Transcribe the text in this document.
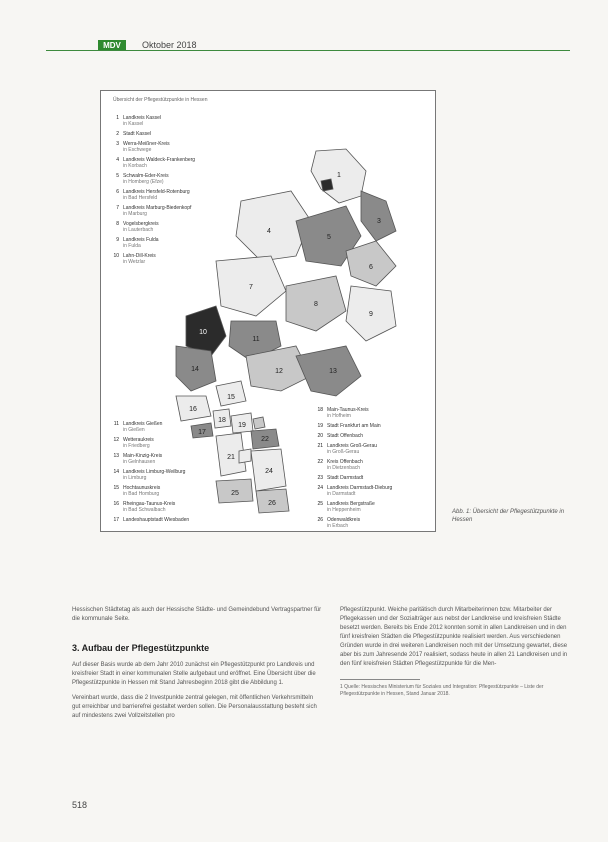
MDV	Oktober 2018
Übersicht der Pflegestützpunkte in Hessen
1 Landkreis Kassel
in Kassel
2 Stadt Kassel
3 Werra-Meißner-Kreis
in Eschwege
4 Landkreis Waldeck-Frankenberg
in Korbach
5 Schwalm-Eder-Kreis
in Homberg (Efze)
6 Landkreis Hersfeld-Rotenburg
in Bad Hersfeld
7 Landkreis Marburg-Biedenkopf
in Marburg
8 Vogelsbergkreis
in Lauterbach
9 Landkreis Fulda
in Fulda
10 Lahn-Dill-Kreis
in Wetzlar
11 Landkreis Gießen
in Gießen
12 Wetteraukreis
in Friedberg
13 Main-Kinzig-Kreis
in Gelnhausen
14 Landkreis Limburg-Weilburg
in Limburg
15 Hochtaunuskreis
in Bad Homburg
16 Rheingau-Taunus-Kreis
in Bad Schwalbach
17 Landeshauptstadt Wiesbaden
18 Main-Taunus-Kreis
in Hofheim
19 Stadt Frankfurt am Main
20 Stadt Offenbach
21 Landkreis Groß-Gerau
in Groß-Gerau
22 Kreis Offenbach
in Dietzenbach
23 Stadt Darmstadt
24 Landkreis Darmstadt-Dieburg
in Darmstadt
25 Landkreis Bergstraße
in Heppenheim
26 Odenwaldkreis
in Erbach
1
3
4
5
6
7
8
9
10
11
12	13
14
15
16
17
18
19
21
22
24
25
26
Abb. 1: Übersicht der Pflegestützpunkte in Hessen

Hessischen Städtetag als auch der Hessische Städte- und Gemeindebund Vertragspartner für die kommunale Seite.

3. Aufbau der Pflegestützpunkte

Auf dieser Basis wurde ab dem Jahr 2010 zunächst ein Pflegestützpunkt pro Landkreis und kreisfreier Stadt in einer kommunalen Stelle aufgebaut und eröffnet. Eine Übersicht über die Pflegestützpunkte in Hessen mit Stand Jahresbeginn 2018 gibt die Abbildung 1.

Vereinbart wurde, dass die 2 Investpunkte zentral gelegen, mit öffentlichen Verkehrsmitteln gut erreichbar und barrierefrei gestaltet werden sollen. Die Personalausstattung besteht sich auf mindestens zwei Vollzeitstellen pro

Pflegestützpunkt. Weiche paritätisch durch Mitarbeiterinnen bzw. Mitarbeiter der Pflegekassen und der Sozialträger aus nebst der Landkreise und kreisfreien Städte besetzt werden. Bereits bis Ende 2012 konnten somit in allen Landkreisen und in den fünf kreisfreien Städten die Pflegestützpunkte realisiert werden. Aus verschiedenen Gründen wurde in drei weiteren Landkreisen noch mit der Umsetzung gewartet, diese aber bis zum Jahresende 2017 realisiert, sodass heute in allen 21 Landkreisen und in den fünf kreisfreien Städten Pflegestützpunkte für die Men-

1 Quelle: Hessisches Ministerium für Soziales und Integration: Pflegestützpunkte – Liste der Pflegestützpunkte in Hessen, Stand Januar 2018.
518
